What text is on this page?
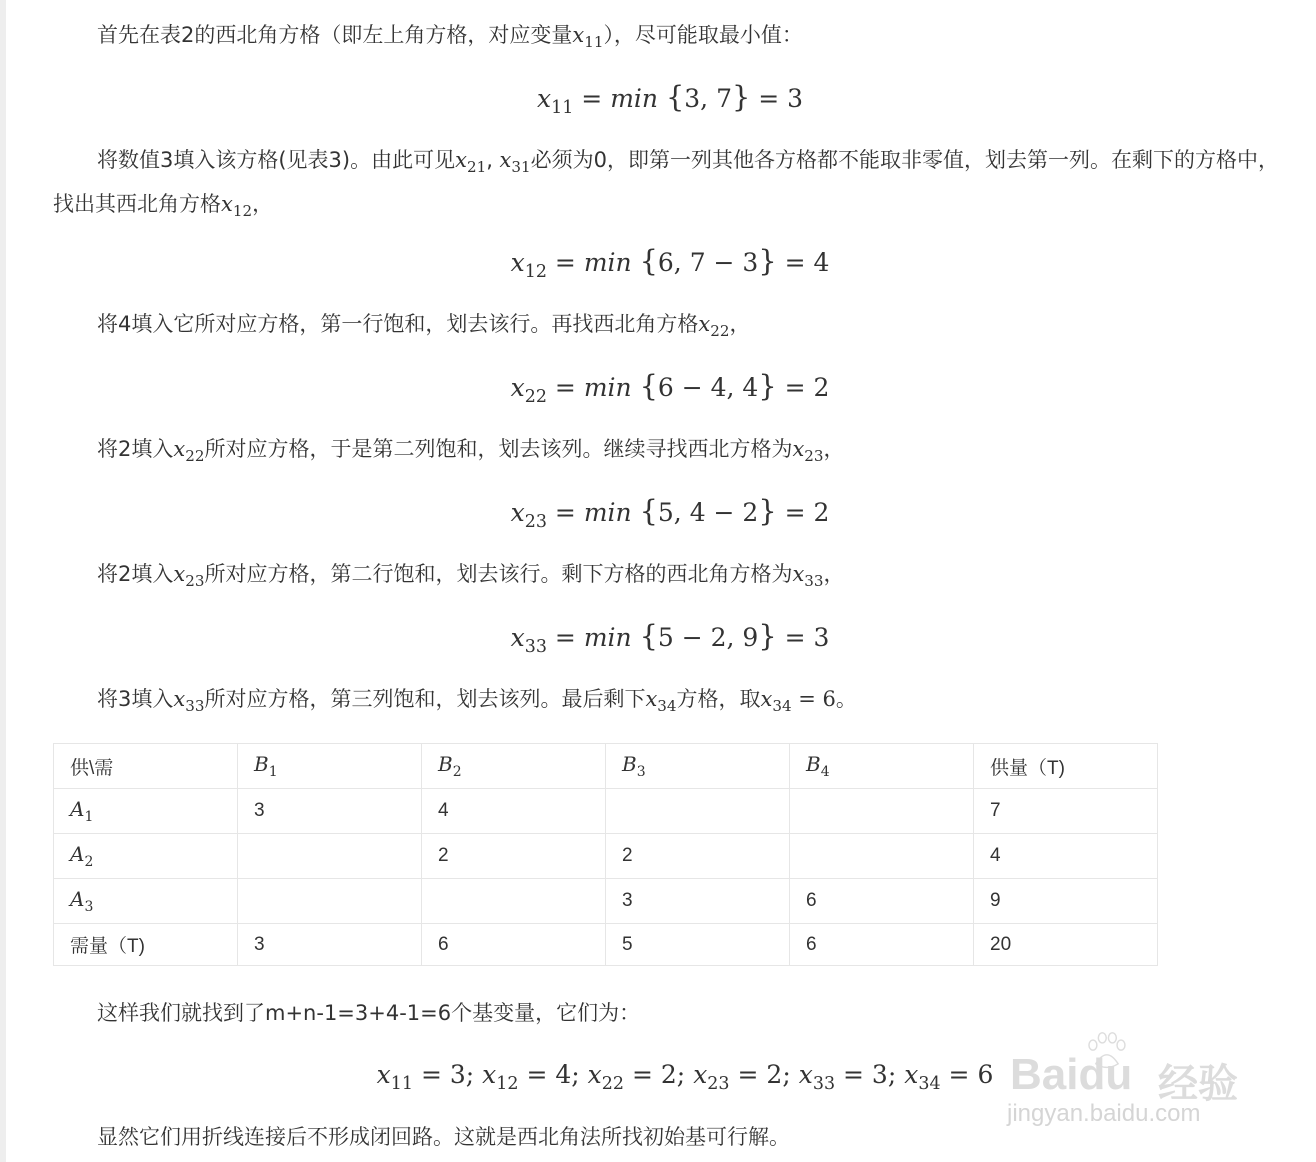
首先在表2的西北角方格（即左上角方格，对应变量$x_{11}$），尽可能取最小值：
$x_{11} = \min \{3$, 7} = 3
将数值3填入该方格(见表3)。由此可见$x_{21}$, $x_{31}$必须为0，即第一列其他各方格都不能取非零值，划去第一列。在剩下的方格中，找出其西北角方格$x_{12}$，
$x_{12} = \min \{6$, 7 − 3} = 4
将4填入它所对应方格，第一行饱和，划去该行。再找西北角方格$x_{22}$，
$x_{22} = \min \{6 - 4$, 4} = 2
将2填入$x_{22}$所对应方格，于是第二列饱和，划去该列。继续寻找西北方格为$x_{23}$，
$x_{23} = \min \{5$, 4 − 2} = 2
将2填入$x_{23}$所对应方格，第二行饱和，划去该行。剩下方格的西北角方格为$x_{33}$，
$x_{33} = \min \{5 - 2$, 9} = 3
将3填入$x_{33}$所对应方格，第三列饱和，划去该列。最后剩下$x_{34}$方格，取$x_{34} = 6$。
供\需	$B_1$	$B_2$	$B_3$	$B_4$	供量（T)
$A_1$	3	4			7
$A_2$		2	2		4
$A_3$			3	6	9
需量（T)	3	6	5	6	20
这样我们就找到了m+n-1=3+4-1=6个基变量，它们为：
$x_{11} = 3$; $x_{12} = 4$; $x_{22} = 2$; $x_{23} = 2$; $x_{33} = 3$; $x_{34} = 6$
显然它们用折线连接后不形成闭回路。这就是西北角法所找初始基可行解。
Baidu 经验
jingyan.baidu.com
